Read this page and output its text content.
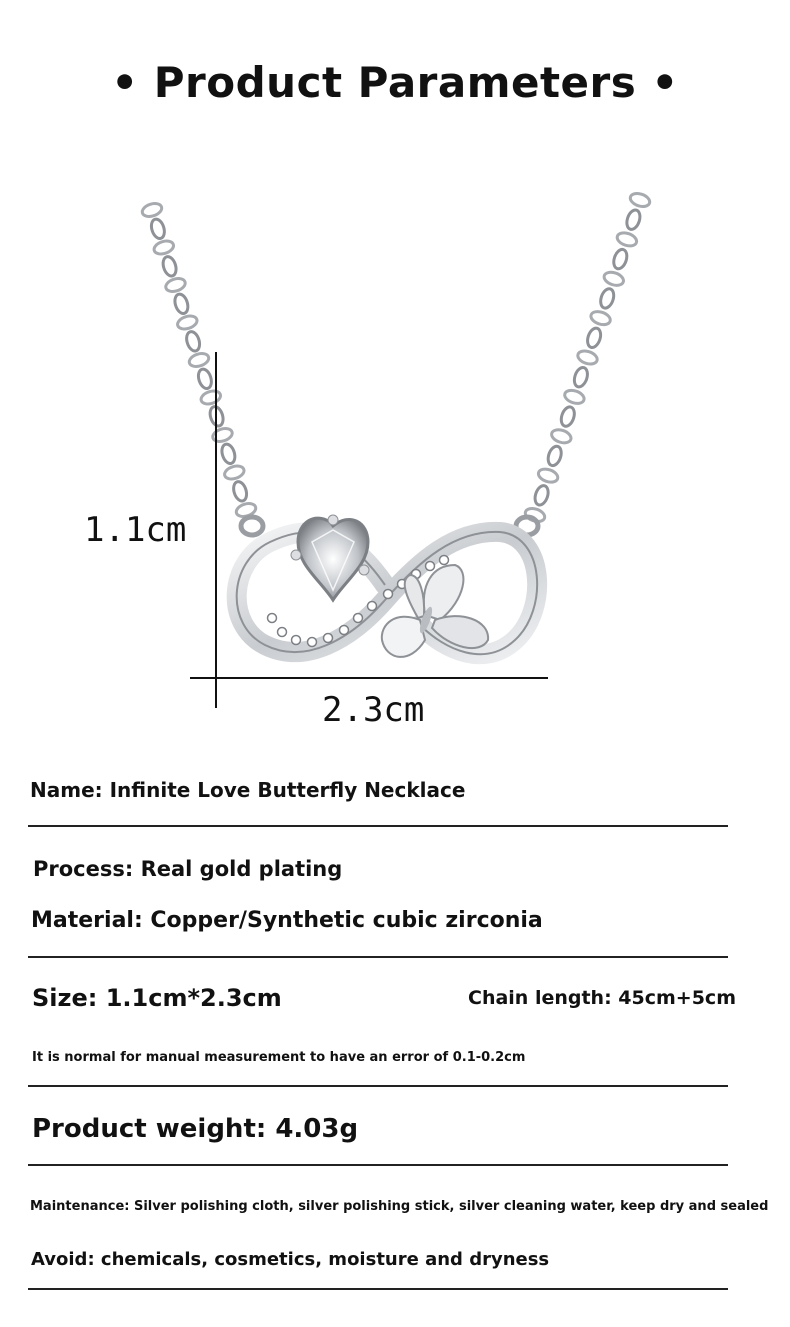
• Product Parameters •
1.1cm
2.3cm
Name: Infinite Love Butterfly Necklace
Process: Real gold plating
Material: Copper/Synthetic cubic zirconia
Size: 1.1cm*2.3cm	Chain length: 45cm+5cm
It is normal for manual measurement to have an error of 0.1-0.2cm
Product weight: 4.03g
Maintenance: Silver polishing cloth, silver polishing stick, silver cleaning water, keep dry and sealed
Avoid: chemicals, cosmetics, moisture and dryness
